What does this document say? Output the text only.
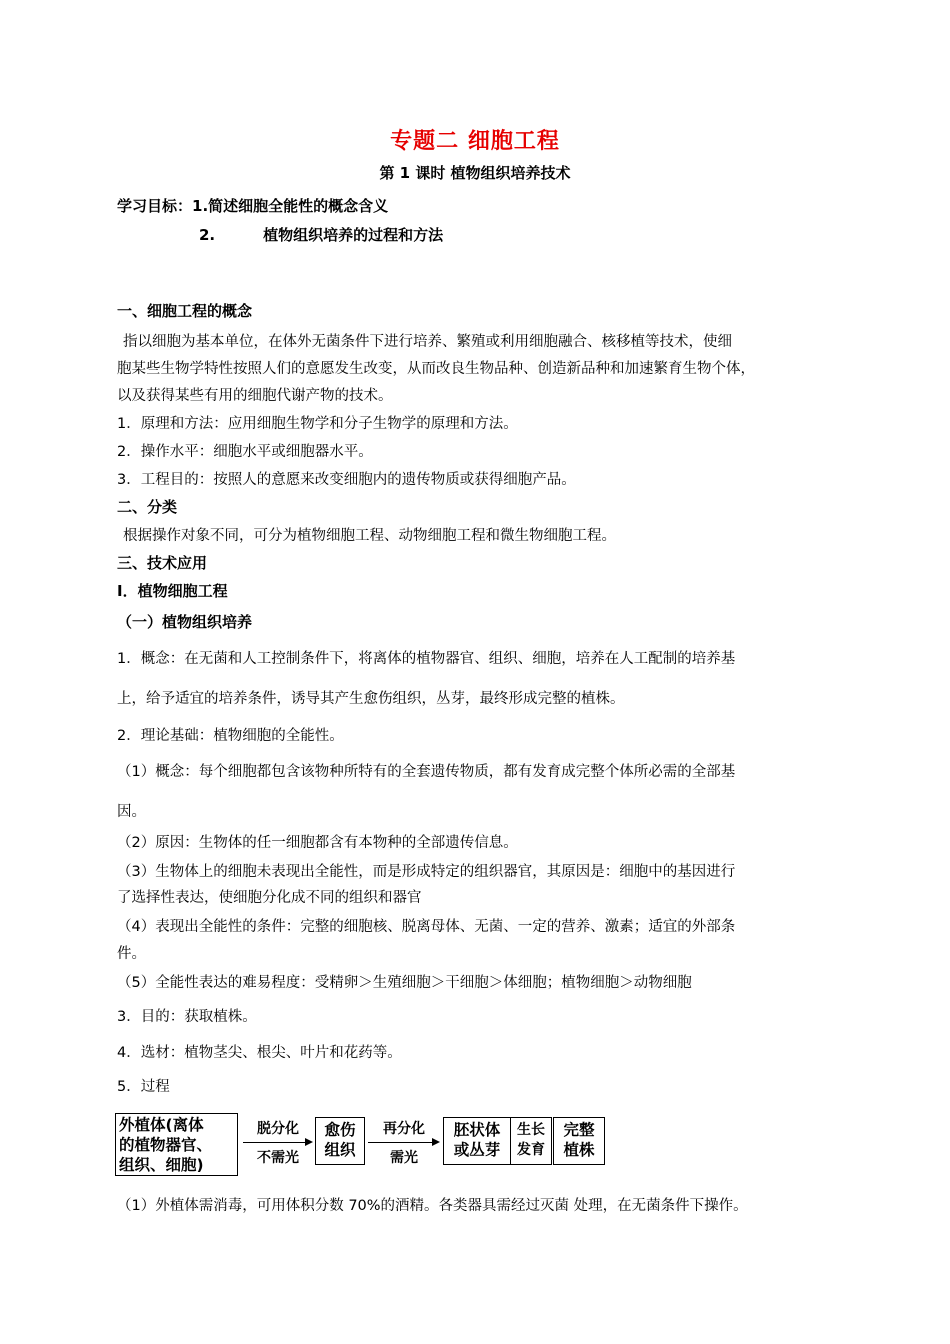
专题二 细胞工程
第 1 课时 植物组织培养技术
学习目标：1.简述细胞全能性的概念含义
2.	植物组织培养的过程和方法
一、细胞工程的概念
指以细胞为基本单位，在体外无菌条件下进行培养、繁殖或利用细胞融合、核移植等技术，使细
胞某些生物学特性按照人们的意愿发生改变，从而改良生物品种、创造新品种和加速繁育生物个体，
以及获得某些有用的细胞代谢产物的技术。
1．原理和方法：应用细胞生物学和分子生物学的原理和方法。
2．操作水平：细胞水平或细胞器水平。
3．工程目的：按照人的意愿来改变细胞内的遗传物质或获得细胞产品。
二、分类
根据操作对象不同，可分为植物细胞工程、动物细胞工程和微生物细胞工程。
三、技术应用
I．植物细胞工程
（一）植物组织培养
1．概念：在无菌和人工控制条件下，将离体的植物器官、组织、细胞，培养在人工配制的培养基
上，给予适宜的培养条件，诱导其产生愈伤组织，丛芽，最终形成完整的植株。
2．理论基础：植物细胞的全能性。
（1）概念：每个细胞都包含该物种所特有的全套遗传物质，都有发育成完整个体所必需的全部基
因。
（2）原因：生物体的任一细胞都含有本物种的全部遗传信息。
（3）生物体上的细胞未表现出全能性，而是形成特定的组织器官，其原因是：细胞中的基因进行
了选择性表达，使细胞分化成不同的组织和器官
（4）表现出全能性的条件：完整的细胞核、脱离母体、无菌、一定的营养、激素；适宜的外部条
件。
（5）全能性表达的难易程度：受精卵＞生殖细胞＞干细胞＞体细胞；植物细胞＞动物细胞
3．目的：获取植株。
4．选材：植物茎尖、根尖、叶片和花药等。
5．过程
外植体(离体
的植物器官、
组织、细胞)
脱分化
不需光
愈伤
组织
再分化
需光
胚状体
或丛芽
生长
发育
完整
植株
（1）外植体需消毒，可用体积分数 70%的酒精。各类器具需经过灭菌 处理，在无菌条件下操作。
